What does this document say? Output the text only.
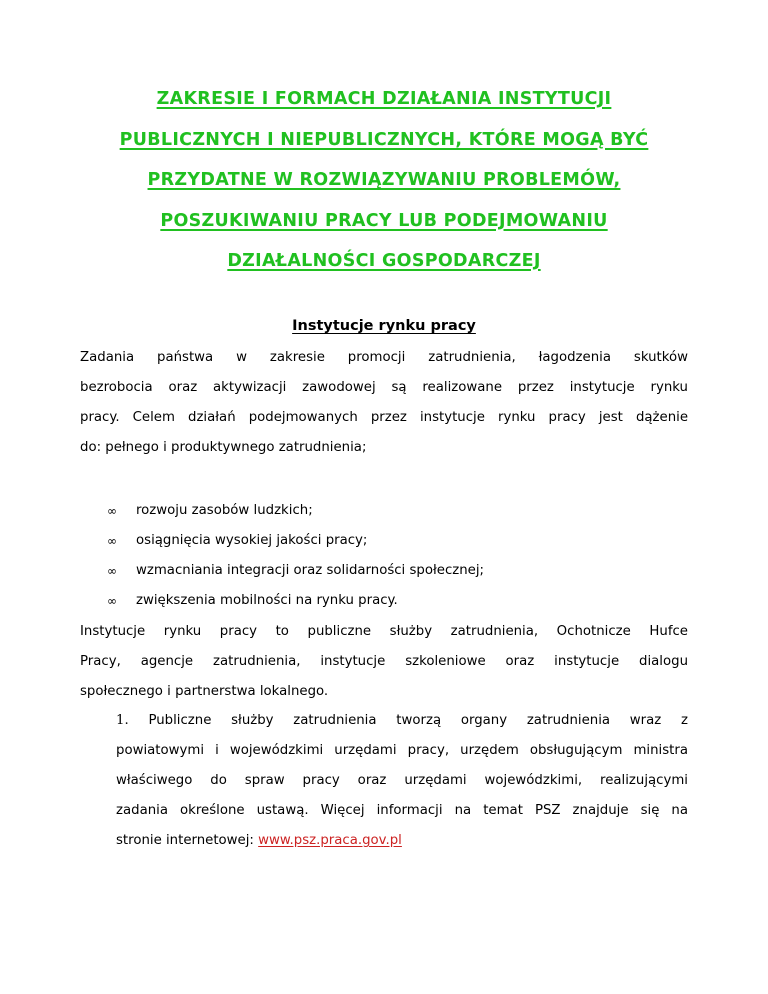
ZAKRESIE I FORMACH DZIAŁANIA INSTYTUCJI
PUBLICZNYCH I NIEPUBLICZNYCH, KTÓRE MOGĄ BYĆ
PRZYDATNE W ROZWIĄZYWANIU PROBLEMÓW,
POSZUKIWANIU PRACY LUB PODEJMOWANIU
DZIAŁALNOŚCI GOSPODARCZEJ
Instytucje rynku pracy

Zadania państwa w zakresie promocji zatrudnienia, łagodzenia skutków
bezrobocia oraz aktywizacji zawodowej są realizowane przez instytucje rynku
pracy. Celem działań podejmowanych przez instytucje rynku pracy jest dążenie
do: pełnego i produktywnego zatrudnienia;

∞ rozwoju zasobów ludzkich;
∞ osiągnięcia wysokiej jakości pracy;
∞ wzmacniania integracji oraz solidarności społecznej;
∞ zwiększenia mobilności na rynku pracy.

Instytucje rynku pracy to publiczne służby zatrudnienia, Ochotnicze Hufce
Pracy, agencje zatrudnienia, instytucje szkoleniowe oraz instytucje dialogu
społecznego i partnerstwa lokalnego.

1. Publiczne służby zatrudnienia tworzą organy zatrudnienia wraz z
powiatowymi i wojewódzkimi urzędami pracy, urzędem obsługującym ministra
właściwego do spraw pracy oraz urzędami wojewódzkimi, realizującymi
zadania określone ustawą. Więcej informacji na temat PSZ znajduje się na
stronie internetowej: www.psz.praca.gov.pl
